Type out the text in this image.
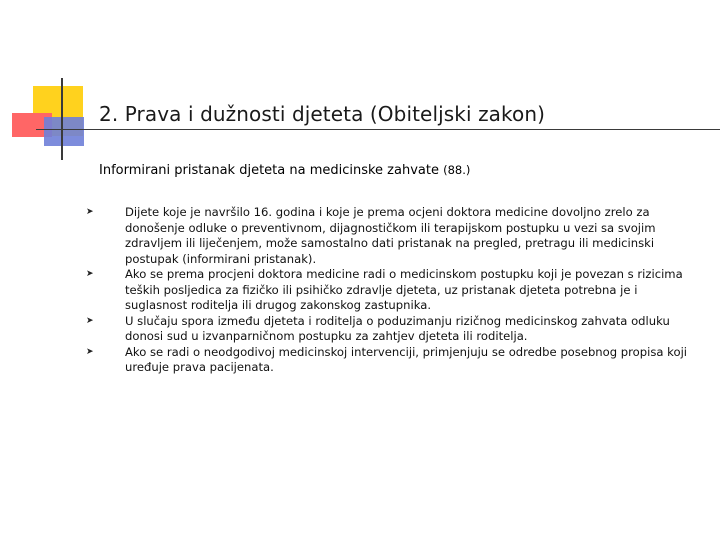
2. Prava i dužnosti djeteta (Obiteljski zakon)

Informirani pristanak djeteta na medicinske zahvate (88.)

➤	Dijete koje je navršilo 16. godina i koje je prema ocjeni doktora medicine dovoljno zrelo za donošenje odluke o preventivnom, dijagnostičkom ili terapijskom postupku u vezi sa svojim zdravljem ili liječenjem, može samostalno dati pristanak na pregled, pretragu ili medicinski postupak (informirani pristanak).
➤	Ako se prema procjeni doktora medicine radi o medicinskom postupku koji je povezan s rizicima teških posljedica za fizičko ili psihičko zdravlje djeteta, uz pristanak djeteta potrebna je i suglasnost roditelja ili drugog zakonskog zastupnika.
➤	U slučaju spora između djeteta i roditelja o poduzimanju rizičnog medicinskog zahvata odluku donosi sud u izvanparničnom postupku za zahtjev djeteta ili roditelja.
➤	Ako se radi o neodgodivoj medicinskoj intervenciji, primjenjuju se odredbe posebnog propisa koji uređuje prava pacijenata.
